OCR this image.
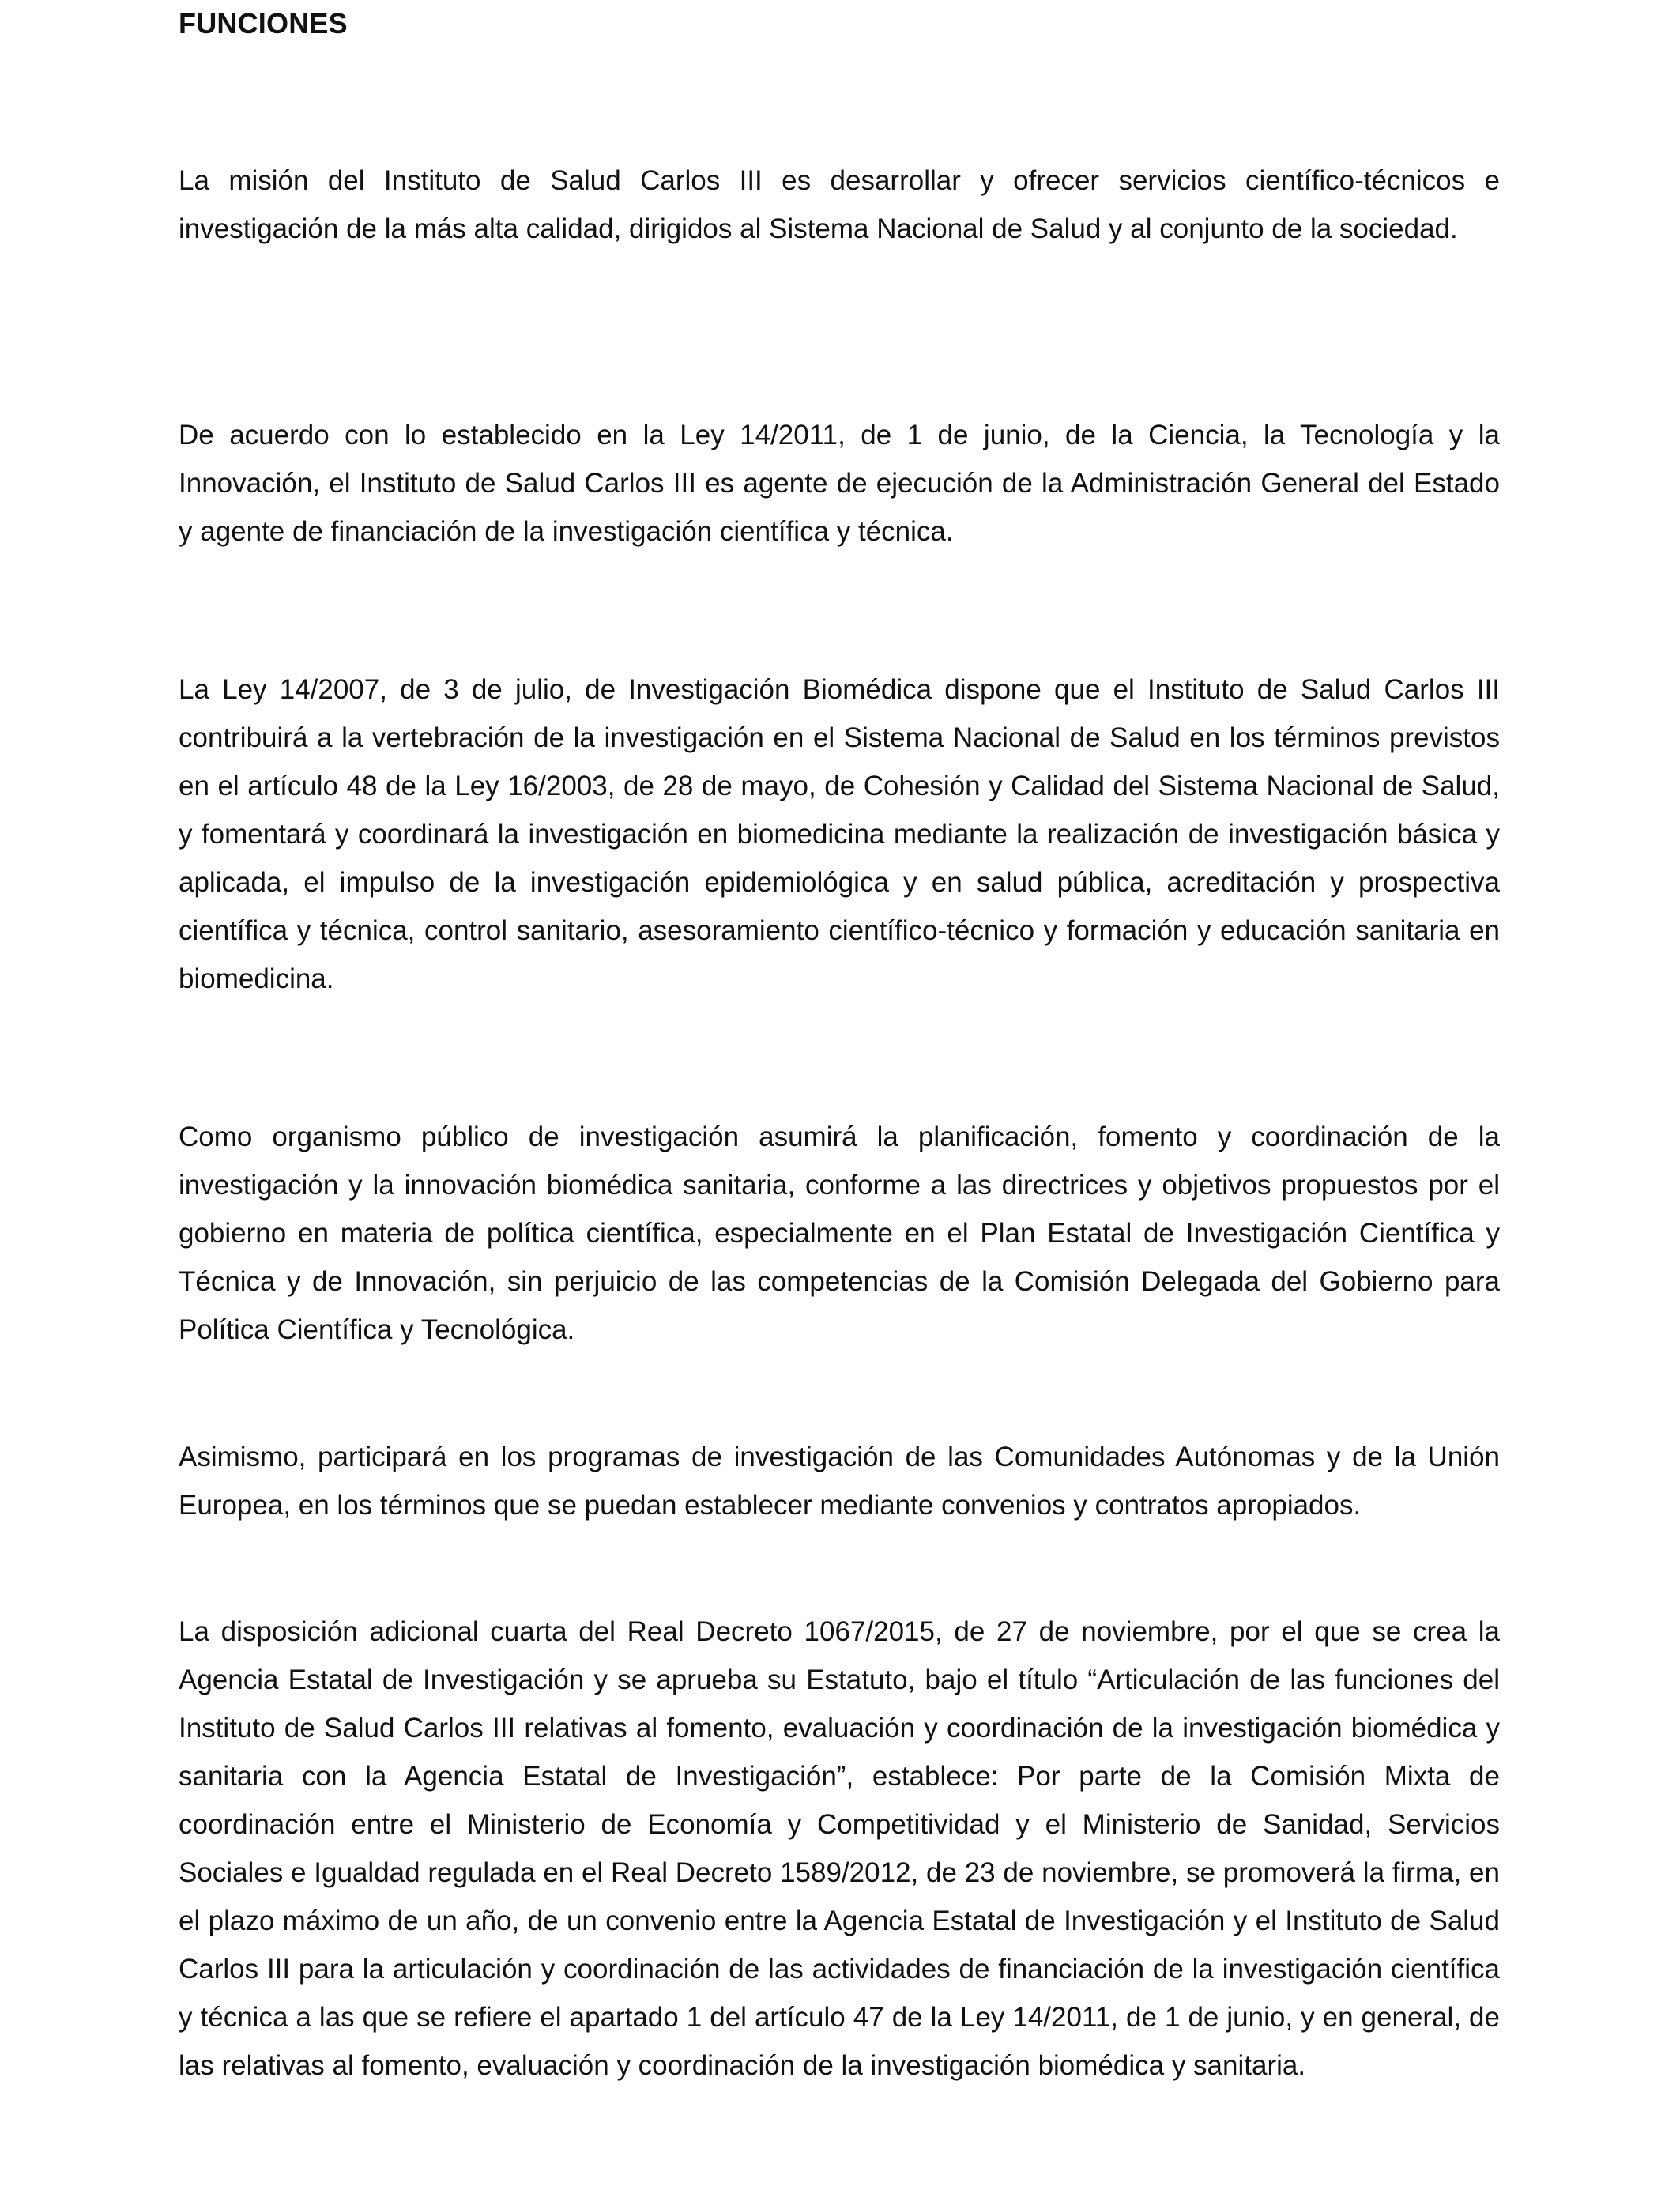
FUNCIONES

La misión del Instituto de Salud Carlos III es desarrollar y ofrecer servicios científico-técnicos e investigación de la más alta calidad, dirigidos al Sistema Nacional de Salud y al conjunto de la sociedad.

De acuerdo con lo establecido en la Ley 14/2011, de 1 de junio, de la Ciencia, la Tecnología y la Innovación, el Instituto de Salud Carlos III es agente de ejecución de la Administración General del Estado y agente de financiación de la investigación científica y técnica.

La Ley 14/2007, de 3 de julio, de Investigación Biomédica dispone que el Instituto de Salud Carlos III contribuirá a la vertebración de la investigación en el Sistema Nacional de Salud en los términos previstos en el artículo 48 de la Ley 16/2003, de 28 de mayo, de Cohesión y Calidad del Sistema Nacional de Salud, y fomentará y coordinará la investigación en biomedicina mediante la realización de investigación básica y aplicada, el impulso de la investigación epidemiológica y en salud pública, acreditación y prospectiva científica y técnica, control sanitario, asesoramiento científico-técnico y formación y educación sanitaria en biomedicina.

Como organismo público de investigación asumirá la planificación, fomento y coordinación de la investigación y la innovación biomédica sanitaria, conforme a las directrices y objetivos propuestos por el gobierno en materia de política científica, especialmente en el Plan Estatal de Investigación Científica y Técnica y de Innovación, sin perjuicio de las competencias de la Comisión Delegada del Gobierno para Política Científica y Tecnológica.

Asimismo, participará en los programas de investigación de las Comunidades Autónomas y de la Unión Europea, en los términos que se puedan establecer mediante convenios y contratos apropiados.

La disposición adicional cuarta del Real Decreto 1067/2015, de 27 de noviembre, por el que se crea la Agencia Estatal de Investigación y se aprueba su Estatuto, bajo el título “Articulación de las funciones del Instituto de Salud Carlos III relativas al fomento, evaluación y coordinación de la investigación biomédica y sanitaria con la Agencia Estatal de Investigación”, establece: Por parte de la Comisión Mixta de coordinación entre el Ministerio de Economía y Competitividad y el Ministerio de Sanidad, Servicios Sociales e Igualdad regulada en el Real Decreto 1589/2012, de 23 de noviembre, se promoverá la firma, en el plazo máximo de un año, de un convenio entre la Agencia Estatal de Investigación y el Instituto de Salud Carlos III para la articulación y coordinación de las actividades de financiación de la investigación científica y técnica a las que se refiere el apartado 1 del artículo 47 de la Ley 14/2011, de 1 de junio, y en general, de las relativas al fomento, evaluación y coordinación de la investigación biomédica y sanitaria.
